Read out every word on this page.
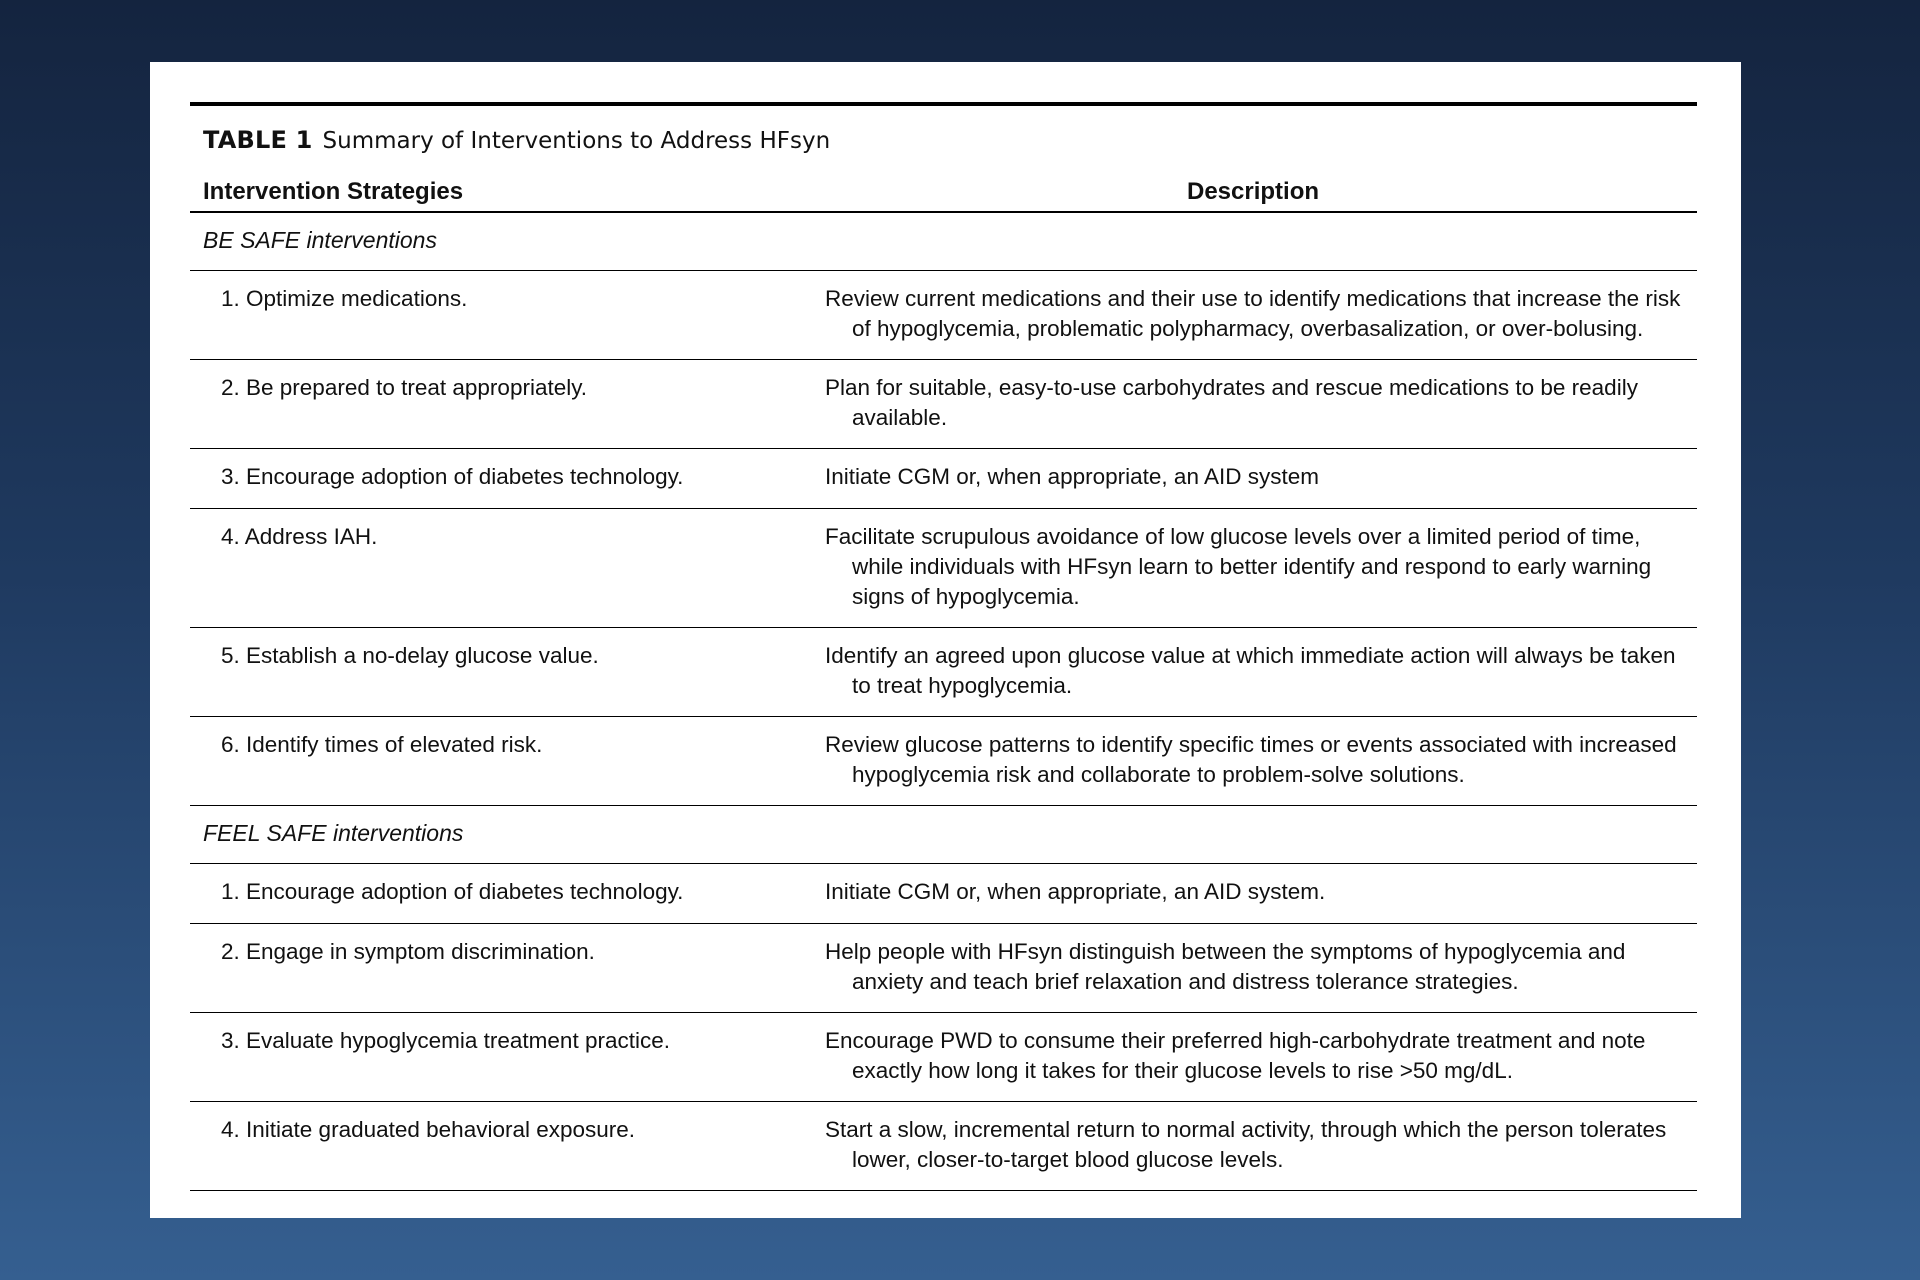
TABLE 1 Summary of Interventions to Address HFsyn
Intervention Strategies	Description
BE SAFE interventions
1. Optimize medications.	Review current medications and their use to identify medications that increase the risk
of hypoglycemia, problematic polypharmacy, overbasalization, or over-bolusing.
2. Be prepared to treat appropriately.	Plan for suitable, easy-to-use carbohydrates and rescue medications to be readily
available.
3. Encourage adoption of diabetes technology.	Initiate CGM or, when appropriate, an AID system
4. Address IAH.	Facilitate scrupulous avoidance of low glucose levels over a limited period of time,
while individuals with HFsyn learn to better identify and respond to early warning
signs of hypoglycemia.
5. Establish a no-delay glucose value.	Identify an agreed upon glucose value at which immediate action will always be taken
to treat hypoglycemia.
6. Identify times of elevated risk.	Review glucose patterns to identify specific times or events associated with increased
hypoglycemia risk and collaborate to problem-solve solutions.
FEEL SAFE interventions
1. Encourage adoption of diabetes technology.	Initiate CGM or, when appropriate, an AID system.
2. Engage in symptom discrimination.	Help people with HFsyn distinguish between the symptoms of hypoglycemia and
anxiety and teach brief relaxation and distress tolerance strategies.
3. Evaluate hypoglycemia treatment practice.	Encourage PWD to consume their preferred high-carbohydrate treatment and note
exactly how long it takes for their glucose levels to rise >50 mg/dL.
4. Initiate graduated behavioral exposure.	Start a slow, incremental return to normal activity, through which the person tolerates
lower, closer-to-target blood glucose levels.
